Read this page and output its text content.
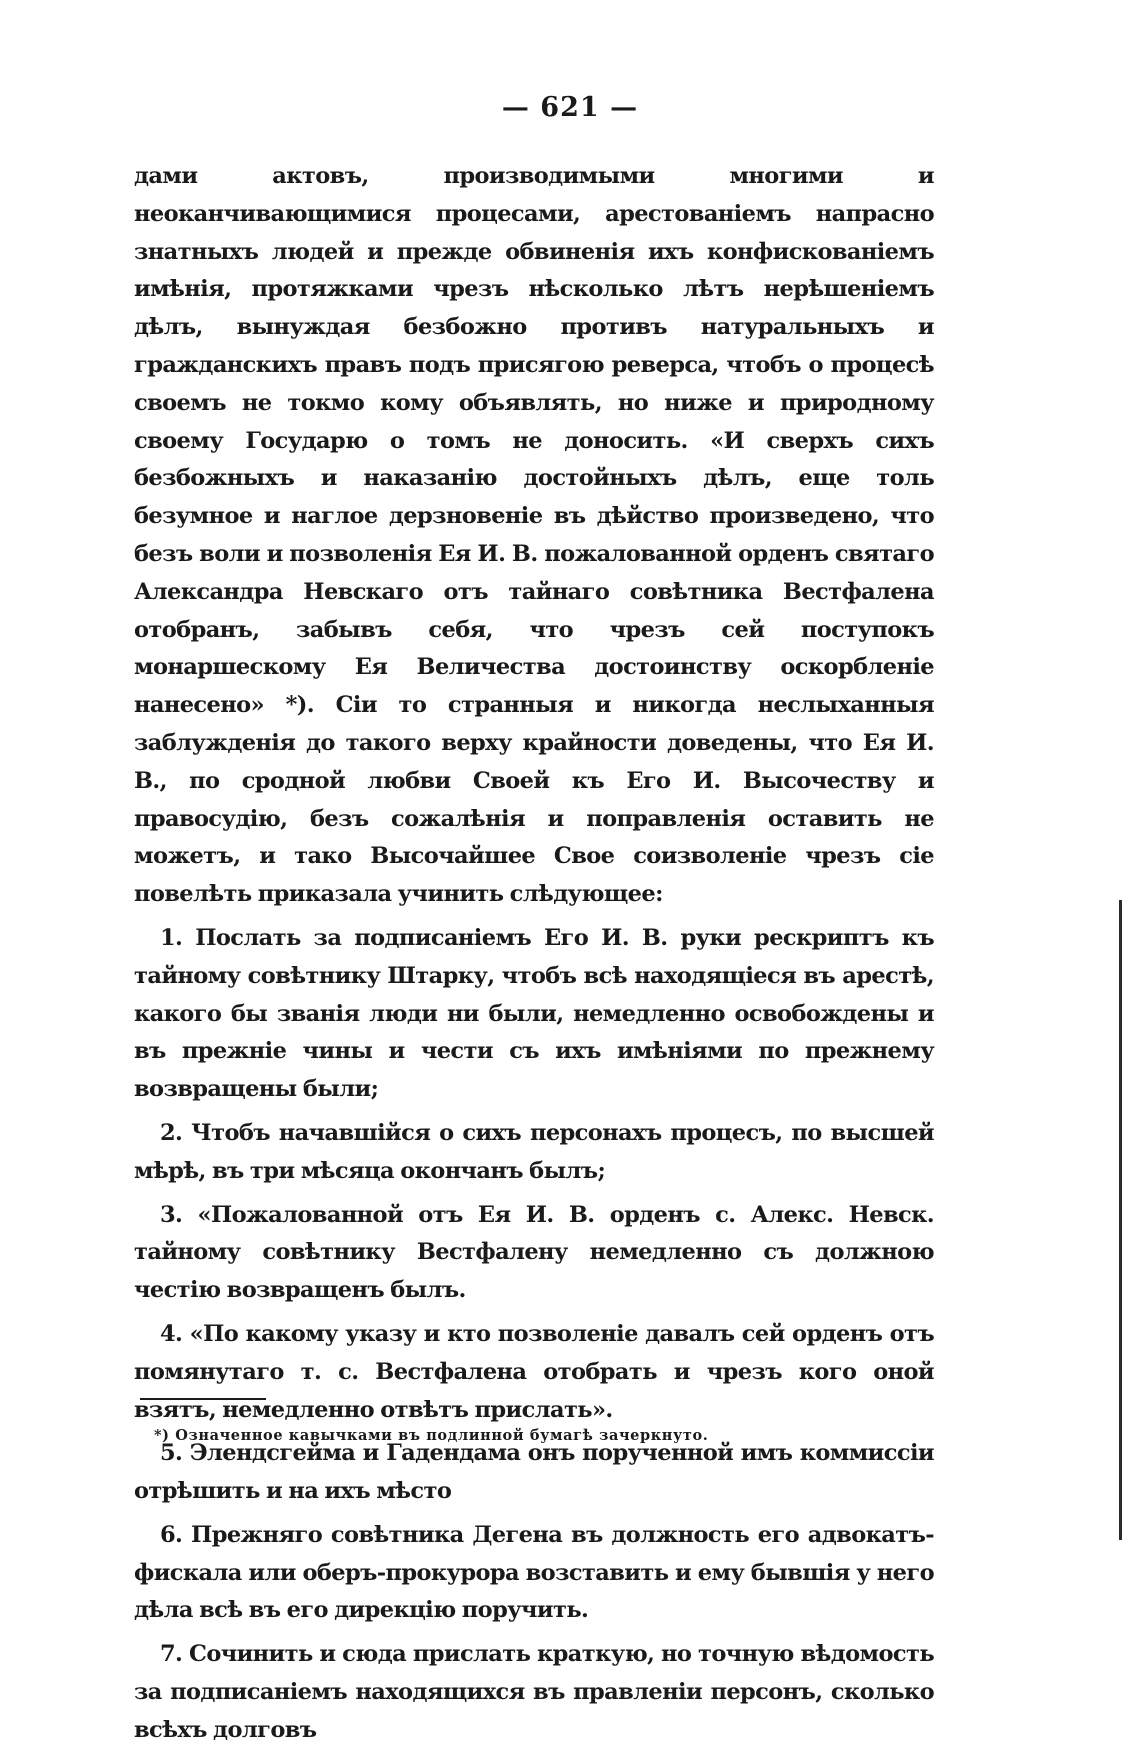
— 621 —

дами актовъ, производимыми многими и неоканчивающимися процесами, арестованіемъ напрасно знатныхъ людей и прежде обвиненія ихъ конфискованіемъ имѣнія, протяжками чрезъ нѣсколько лѣтъ нерѣшеніемъ дѣлъ, вынуждая безбожно противъ натуральныхъ и гражданскихъ правъ подъ присягою реверса, чтобъ о процесѣ своемъ не токмо кому объявлять, но ниже и природному своему Государю о томъ не доносить. «И сверхъ сихъ безбожныхъ и наказанію достойныхъ дѣлъ, еще толь безумное и наглое дерзновеніе въ дѣйство произведено, что безъ воли и позволенія Ея И. В. пожалованной орденъ святаго Александра Невскаго отъ тайнаго совѣтника Вестфалена отобранъ, забывъ себя, что чрезъ сей поступокъ монаршескому Ея Величества достоинству оскорбленіе нанесено» *). Сіи то странныя и никогда неслыханныя заблужденія до такого верху крайности доведены, что Ея И. В., по сродной любви Своей къ Его И. Высочеству и правосудію, безъ сожалѣнія и поправленія оставить не можетъ, и тако Высочайшее Свое соизволеніе чрезъ сіе повелѣть приказала учинить слѣдующее:

1. Послать за подписаніемъ Его И. В. руки рескриптъ къ тайному совѣтнику Штарку, чтобъ всѣ находящіеся въ арестѣ, какого бы званія люди ни были, немедленно освобождены и въ прежніе чины и чести съ ихъ имѣніями по прежнему возвращены были;

2. Чтобъ начавшійся о сихъ персонахъ процесъ, по высшей мѣрѣ, въ три мѣсяца окончанъ былъ;

3. «Пожалованной отъ Ея И. В. орденъ с. Алекс. Невск. тайному совѣтнику Вестфалену немедленно съ должною честію возвращенъ былъ.

4. «По какому указу и кто позволеніе давалъ сей орденъ отъ помянутаго т. с. Вестфалена отобрать и чрезъ кого оной взятъ, немедленно отвѣтъ прислать».

5. Элендсгейма и Гадендама онъ порученной имъ коммиссіи отрѣшить и на ихъ мѣсто

6. Прежняго совѣтника Дегена въ должность его адвокатъ-фискала или оберъ-прокурора возставить и ему бывшія у него дѣла всѣ въ его дирекцію поручить.

7. Сочинить и сюда прислать краткую, но точную вѣдомость за подписаніемъ находящихся въ правленіи персонъ, сколько всѣхъ долговъ

*) Означенное кавычками въ подлинной бумагѣ зачеркнуто.
